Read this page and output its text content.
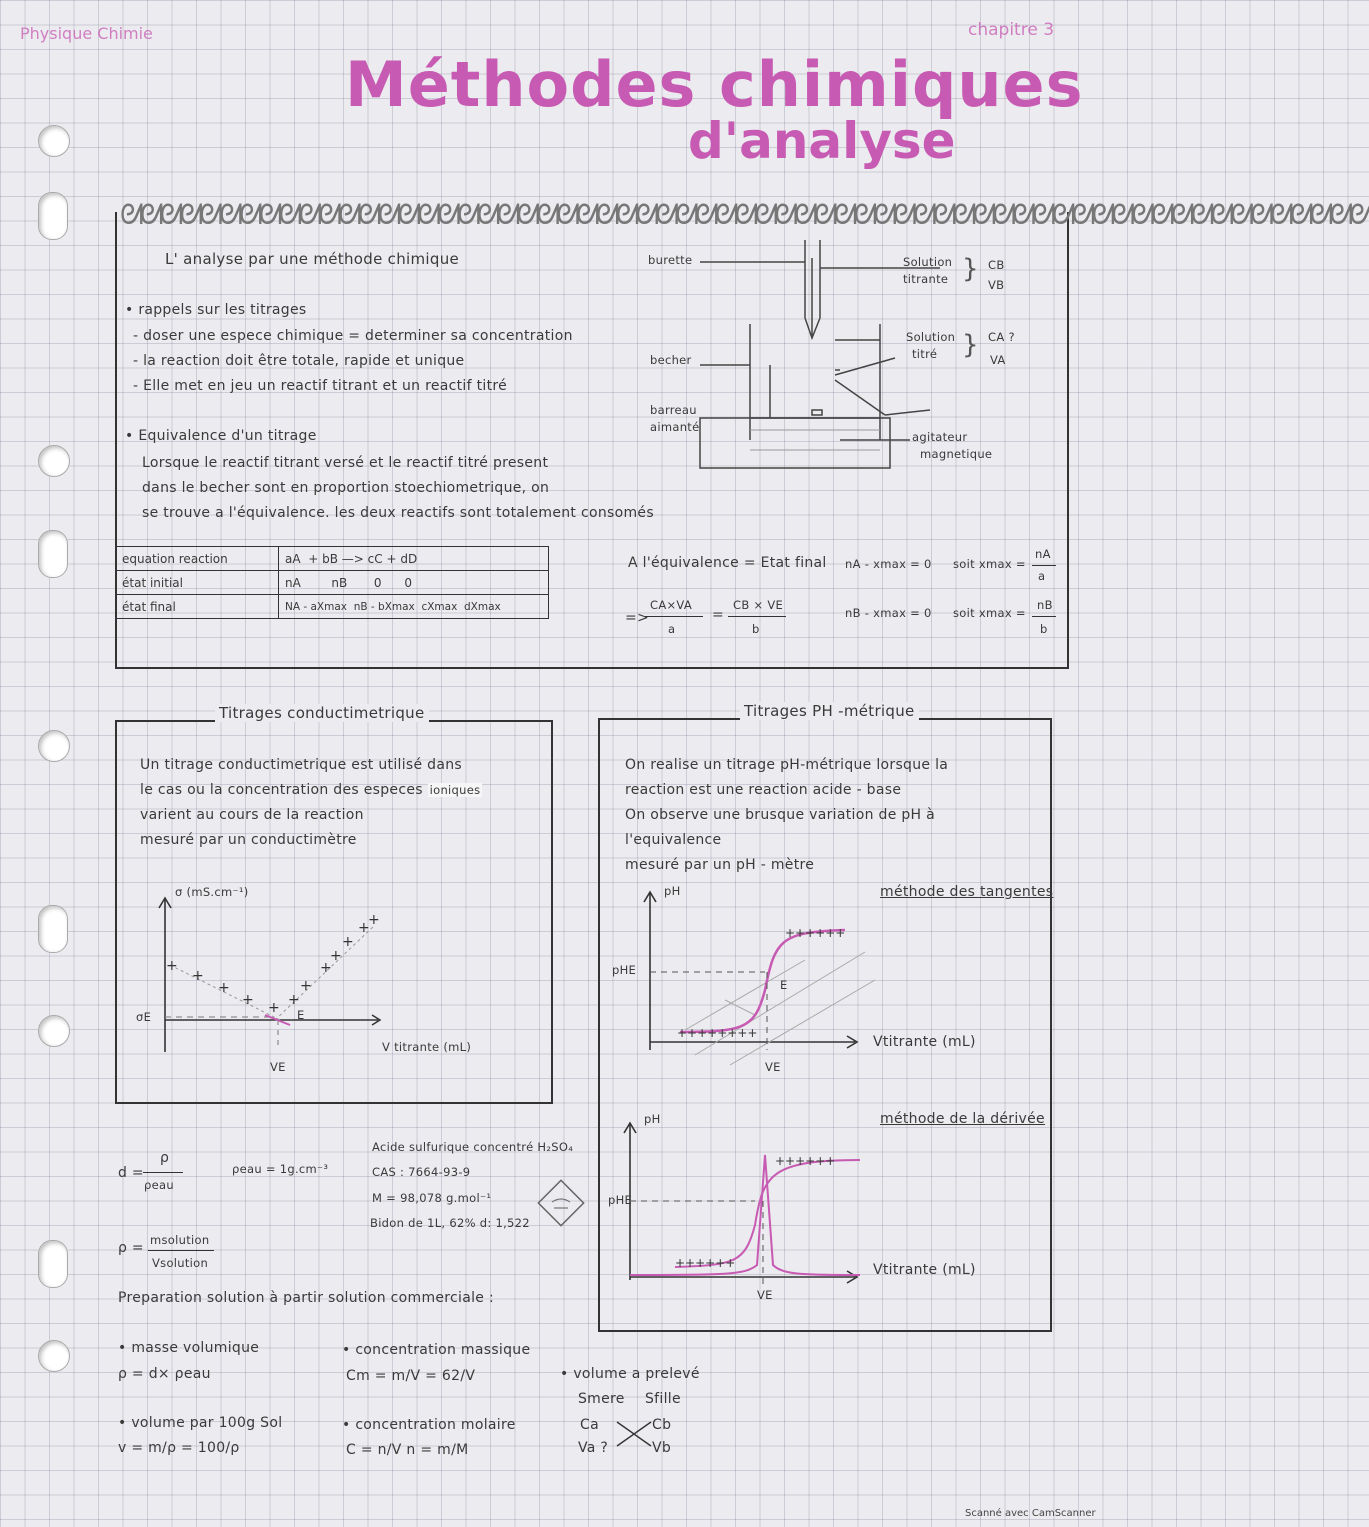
Physique Chimie	chapitre 3
Méthodes chimiques
d'analyse
ᘛᘛᘛᘛᘛᘛᘛᘛᘛᘛᘛᘛᘛᘛᘛᘛᘛᘛᘛᘛᘛᘛᘛᘛᘛᘛᘛᘛᘛᘛᘛᘛᘛᘛᘛᘛᘛᘛᘛᘛᘛᘛᘛᘛᘛᘛᘛᘛᘛᘛᘛᘛᘛᘛᘛᘛᘛᘛᘛᘛᘛᘛᘛ
L' analyse par une méthode chimique
• rappels sur les titrages
- doser une espece chimique = determiner sa concentration
- la reaction doit être totale, rapide et unique
- Elle met en jeu un reactif titrant et un reactif titré
• Equivalence d'un titrage
Lorsque le reactif titrant versé et le reactif titré present
dans le becher sont en proportion stoechiometrique, on
se trouve a l'équivalence. les deux reactifs sont totalement consomés
burette
becher
barreau
aimanté
Solution
titrante } CB
VB
Solution
titré } CA ?
VA
agitateur
magnetique
equation reaction	aA + bB —> cC + dD
état initial	nA nB 0 0
état final	NA - aXmax nB - bXmax cXmax dXmax
A l'équivalence = Etat final nA - xmax = 0 soit xmax =
nA
a
nB - xmax = 0 soit xmax =
nB
b
=>
CA×VA
a
=
CB × VE
b
Titrages conductimetrique
Un titrage conductimetrique est utilisé dans
le cas ou la concentration des especes ioniques
varient au cours de la reaction
mesuré par un conductimètre
+
+
+
+ + +
+
+
+
+
+
+
σ (mS.cm⁻¹)
σE
V titrante (mL)
VE
E
Titrages PH -métrique
On realise un titrage pH-métrique lorsque la
reaction est une reaction acide - base
On observe une brusque variation de pH à
l'equivalence
mesuré par un pH - mètre
méthode des tangentes
++++++++
++++++
pH
pHE
E
VE
Vtitrante (mL)
méthode de la dérivée
++++++
++++++
pH
pHE
VE
Vtitrante (mL)
d =
ρ
ρeau
ρeau = 1g.cm⁻³
ρ = msolution
Vsolution
Acide sulfurique concentré H₂SO₄
CAS : 7664-93-9
M = 98,078 g.mol⁻¹
Bidon de 1L, 62% d: 1,522
Preparation solution à partir solution commerciale :
• masse volumique
ρ = d× ρeau
• volume par 100g Sol
v = m/ρ = 100/ρ
• concentration massique
Cm = m/V = 62/V
• concentration molaire
C = n/V n = m/M
• volume a prelevé
Smere Sfille
Ca	Cb
Va ?	Vb
Scanné avec CamScanner
